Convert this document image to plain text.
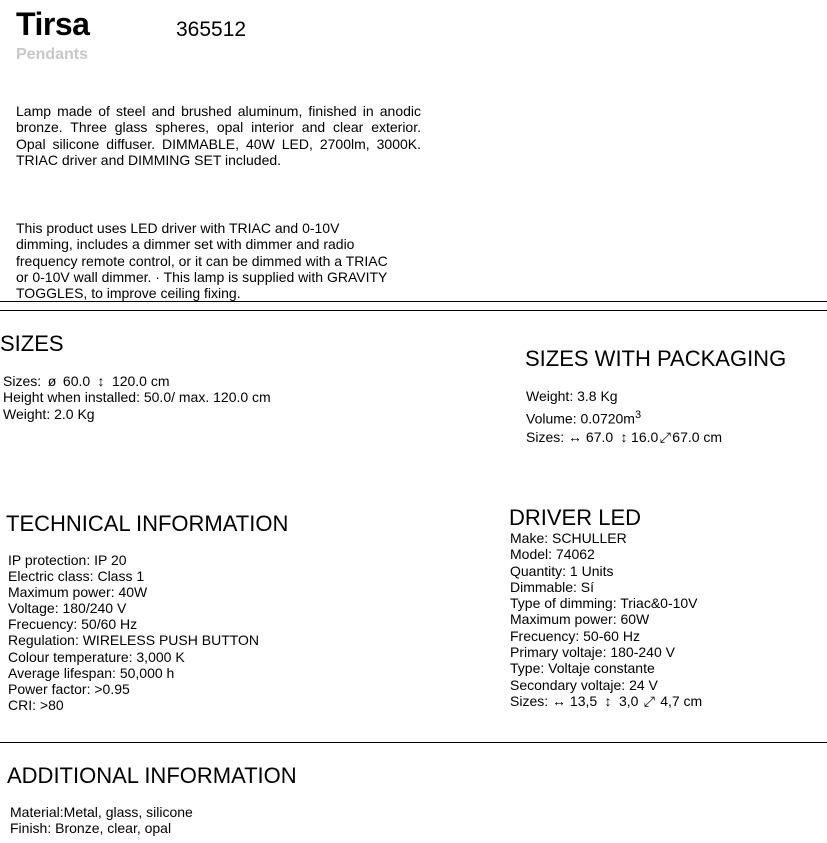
Tirsa	365512
Pendants
Lamp made of steel and brushed aluminum, finished in anodic bronze. Three glass spheres, opal interior and clear exterior. Opal silicone diffuser. DIMMABLE, 40W LED, 2700lm, 3000K. TRIAC driver and DIMMING SET included.
This product uses LED driver with TRIAC and 0-10V dimming, includes a dimmer set with dimmer and radio frequency remote control, or it can be dimmed with a TRIAC or 0-10V wall dimmer. · This lamp is supplied with GRAVITY TOGGLES, to improve ceiling fixing.
SIZES
Sizes: ø 60.0 ↕ 120.0 cm
Height when installed: 50.0/ max. 120.0 cm
Weight: 2.0 Kg
SIZES WITH PACKAGING
Weight: 3.8 Kg
Volume: $0.0720m^3$
Sizes: ↔ 67.0 ↕ 16.0⤢67.0 cm
TECHNICAL INFORMATION
IP protection: IP 20
Electric class: Class 1
Maximum power: 40W
Voltage: 180/240 V
Frecuency: 50/60 Hz
Regulation: WIRELESS PUSH BUTTON
Colour temperature: 3,000 K
Average lifespan: 50,000 h
Power factor: >0.95
CRI: >80
DRIVER LED
Make: SCHULLER
Model: 74062
Quantity: 1 Units
Dimmable: Sí
Type of dimming: Triac&0-10V
Maximum power: 60W
Frecuency: 50-60 Hz
Primary voltaje: 180-240 V
Type: Voltaje constante
Secondary voltaje: 24 V
Sizes: ↔ 13,5 ↕ 3,0 ⤢ 4,7 cm
ADDITIONAL INFORMATION
Material:Metal, glass, silicone
Finish: Bronze, clear, opal
